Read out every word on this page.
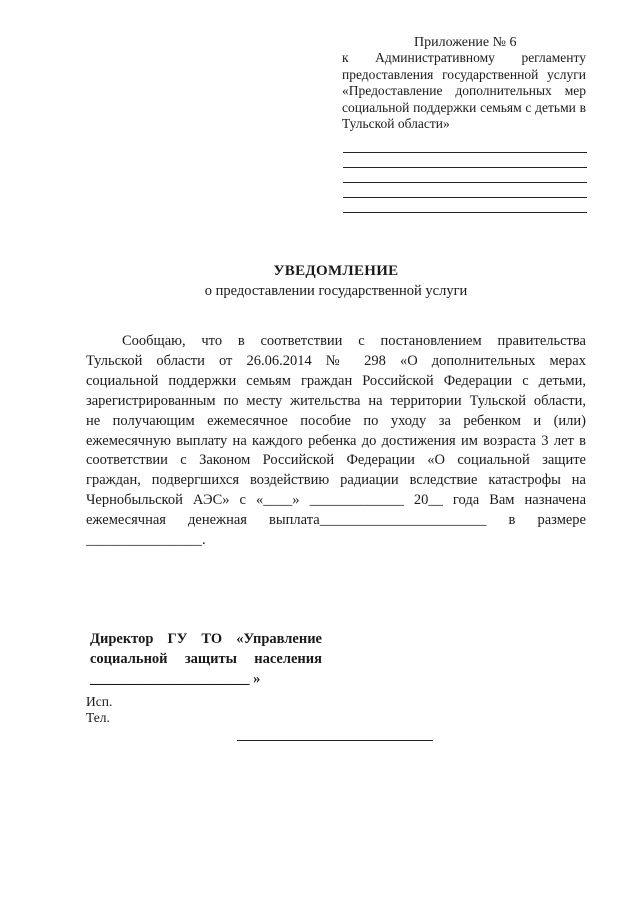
Приложение № 6
к Административному регламенту
предоставления государственной услуги
«Предоставление дополнительных мер
социальной поддержки семьям с детьми в
Тульской области»
УВЕДОМЛЕНИЕ
о предоставлении государственной услуги
Сообщаю, что в соответствии с постановлением правительства
Тульской области от 26.06.2014 № 298 «О дополнительных мерах
социальной поддержки семьям граждан Российской Федерации с детьми,
зарегистрированным по месту жительства на территории Тульской области,
не получающим ежемесячное пособие по уходу за ребенком и (или)
ежемесячную выплату на каждого ребенка до достижения им возраста 3 лет в
соответствии с Законом Российской Федерации «О социальной защите
граждан, подвергшихся воздействию радиации вследствие катастрофы на
Чернобыльской АЭС» с «____» _____________ 20__ года Вам назначена
ежемесячная денежная выплата_______________________ в размере
________________.
Директор ГУ ТО «Управление
социальной защиты населения
______________________ »
Исп.
Тел.
